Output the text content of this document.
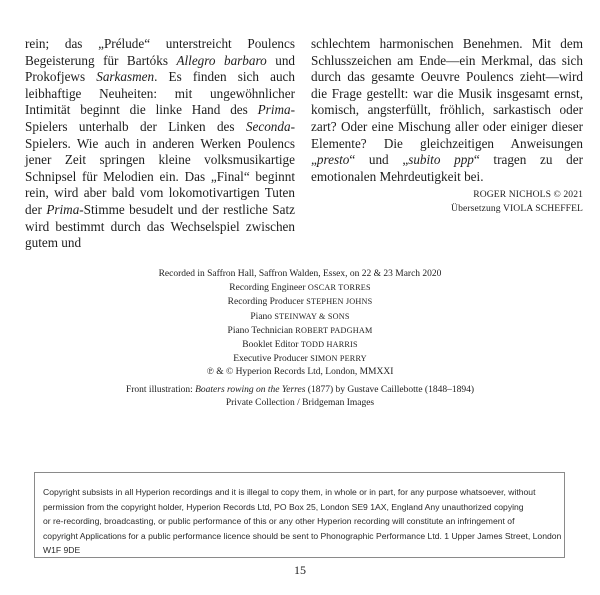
rein; das „Prélude“ unterstreicht Poulencs Begeisterung für Bartóks Allegro barbaro und Prokofjews Sarkasmen. Es finden sich auch leibhaftige Neuheiten: mit ungewöhnlicher Intimität beginnt die linke Hand des Prima-Spielers unterhalb der Linken des Seconda-Spielers. Wie auch in anderen Werken Poulencs jener Zeit springen kleine volksmusikartige Schnipsel für Melodien ein. Das „Final“ beginnt rein, wird aber bald vom lokomotivartigen Tuten der Prima-Stimme besudelt und der restliche Satz wird bestimmt durch das Wechselspiel zwischen gutem und

schlechtem harmonischen Benehmen. Mit dem Schlusszeichen am Ende—ein Merkmal, das sich durch das gesamte Oeuvre Poulencs zieht—wird die Frage gestellt: war die Musik insgesamt ernst, komisch, angsterfüllt, fröhlich, sarkastisch oder zart? Oder eine Mischung aller oder einiger dieser Elemente? Die gleichzeitigen Anweisungen „presto“ und „subito ppp“ tragen zu der emotionalen Mehrdeutigkeit bei.

ROGER NICHOLS © 2021
Übersetzung VIOLA SCHEFFEL
Recorded in Saffron Hall, Saffron Walden, Essex, on 22 & 23 March 2020
Recording Engineer OSCAR TORRES
Recording Producer STEPHEN JOHNS
Piano STEINWAY & SONS
Piano Technician ROBERT PADGHAM
Booklet Editor TODD HARRIS
Executive Producer SIMON PERRY
℗ & © Hyperion Records Ltd, London, MMXXI
Front illustration: Boaters rowing on the Yerres (1877) by Gustave Caillebotte (1848–1894)
Private Collection / Bridgeman Images
Copyright subsists in all Hyperion recordings and it is illegal to copy them, in whole or in part, for any purpose whatsoever, without
permission from the copyright holder, Hyperion Records Ltd, PO Box 25, London SE9 1AX, England Any unauthorized copying
or re-recording, broadcasting, or public performance of this or any other Hyperion recording will constitute an infringement of
copyright Applications for a public performance licence should be sent to Phonographic Performance Ltd. 1 Upper James Street, London
W1F 9DE
15
